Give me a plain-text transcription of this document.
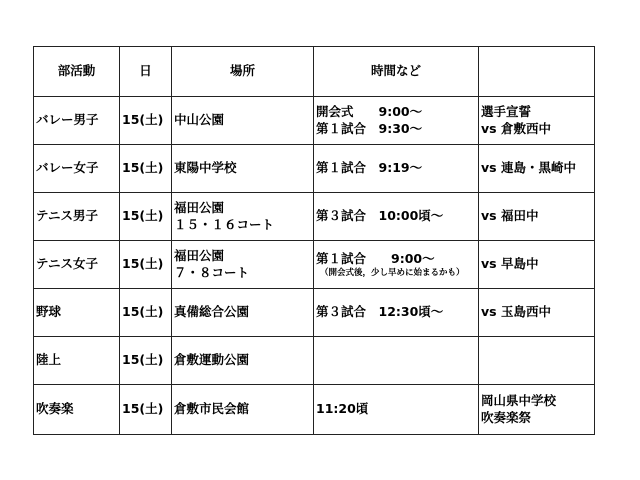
部活動	日	場所	時間など	

バレー男子	15(土)	中山公園	開会式　　9:00～
第１試合　9:30～	選手宣誓
vs 倉敷西中

バレー女子	15(土)	東陽中学校	第１試合　9:19～	vs 連島・黒崎中

テニス男子	15(土)	福田公園
１５・１６コート	第３試合　10:00頃～	vs 福田中

テニス女子	15(土)	福田公園
７・８コート	第１試合　　9:00～
（開会式後，少し早めに始まるかも）	vs 早島中

野球	15(土)	真備総合公園	第３試合　12:30頃～	vs 玉島西中

陸上	15(土)	倉敷運動公園		

吹奏楽	15(土)	倉敷市民会館	11:20頃	岡山県中学校
吹奏楽祭
